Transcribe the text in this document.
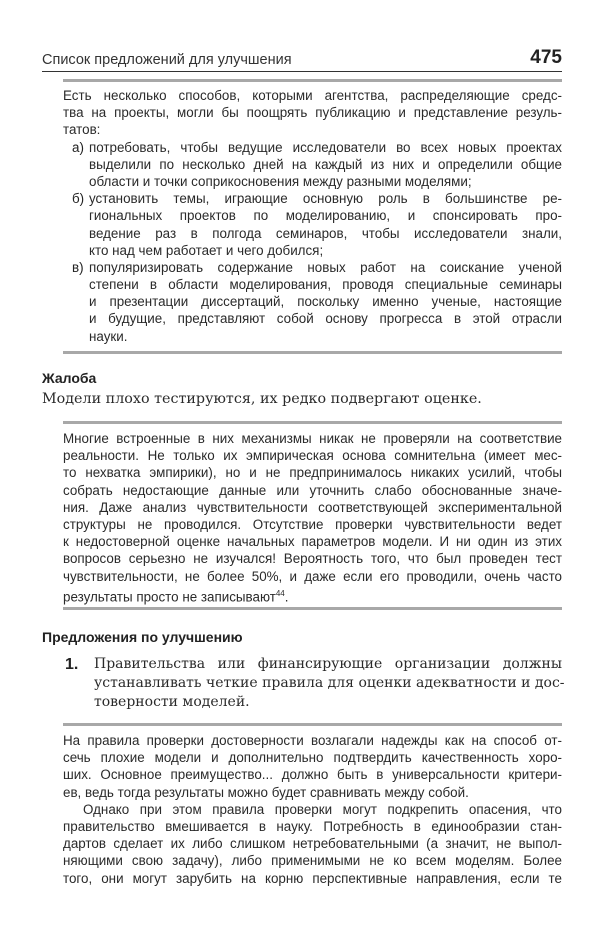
Список предложений для улучшения	475
Есть несколько способов, которыми агентства, распределяющие средс-
тва на проекты, могли бы поощрять публикацию и представление резуль-
татов:
а) потребовать, чтобы ведущие исследователи во всех новых проектах
выделили по несколько дней на каждый из них и определили общие
области и точки соприкосновения между разными моделями;
б) установить темы, играющие основную роль в большинстве ре-
гиональных проектов по моделированию, и спонсировать про-
ведение раз в полгода семинаров, чтобы исследователи знали,
кто над чем работает и чего добился;
в) популяризировать содержание новых работ на соискание ученой
степени в области моделирования, проводя специальные семинары
и презентации диссертаций, поскольку именно ученые, настоящие
и будущие, представляют собой основу прогресса в этой отрасли
науки.
Жалоба
Модели плохо тестируются, их редко подвергают оценке.
Многие встроенные в них механизмы никак не проверяли на соответствие
реальности. Не только их эмпирическая основа сомнительна (имеет мес-
то нехватка эмпирики), но и не предпринималось никаких усилий, чтобы
собрать недостающие данные или уточнить слабо обоснованные значе-
ния. Даже анализ чувствительности соответствующей экспериментальной
структуры не проводился. Отсутствие проверки чувствительности ведет
к недостоверной оценке начальных параметров модели. И ни один из этих
вопросов серьезно не изучался! Вероятность того, что был проведен тест
чувствительности, не более 50%, и даже если его проводили, очень часто
результаты просто не записывают$^{44}$.
Предложения по улучшению
1. Правительства или финансирующие организации должны
устанавливать четкие правила для оценки адекватности и дос-
товерности моделей.
На правила проверки достоверности возлагали надежды как на способ от-
сечь плохие модели и дополнительно подтвердить качественность хоро-
ших. Основное преимущество... должно быть в универсальности критери-
ев, ведь тогда результаты можно будет сравнивать между собой.
Однако при этом правила проверки могут подкрепить опасения, что
правительство вмешивается в науку. Потребность в единообразии стан-
дартов сделает их либо слишком нетребовательными (а значит, не выпол-
няющими свою задачу), либо применимыми не ко всем моделям. Более
того, они могут зарубить на корню перспективные направления, если те
